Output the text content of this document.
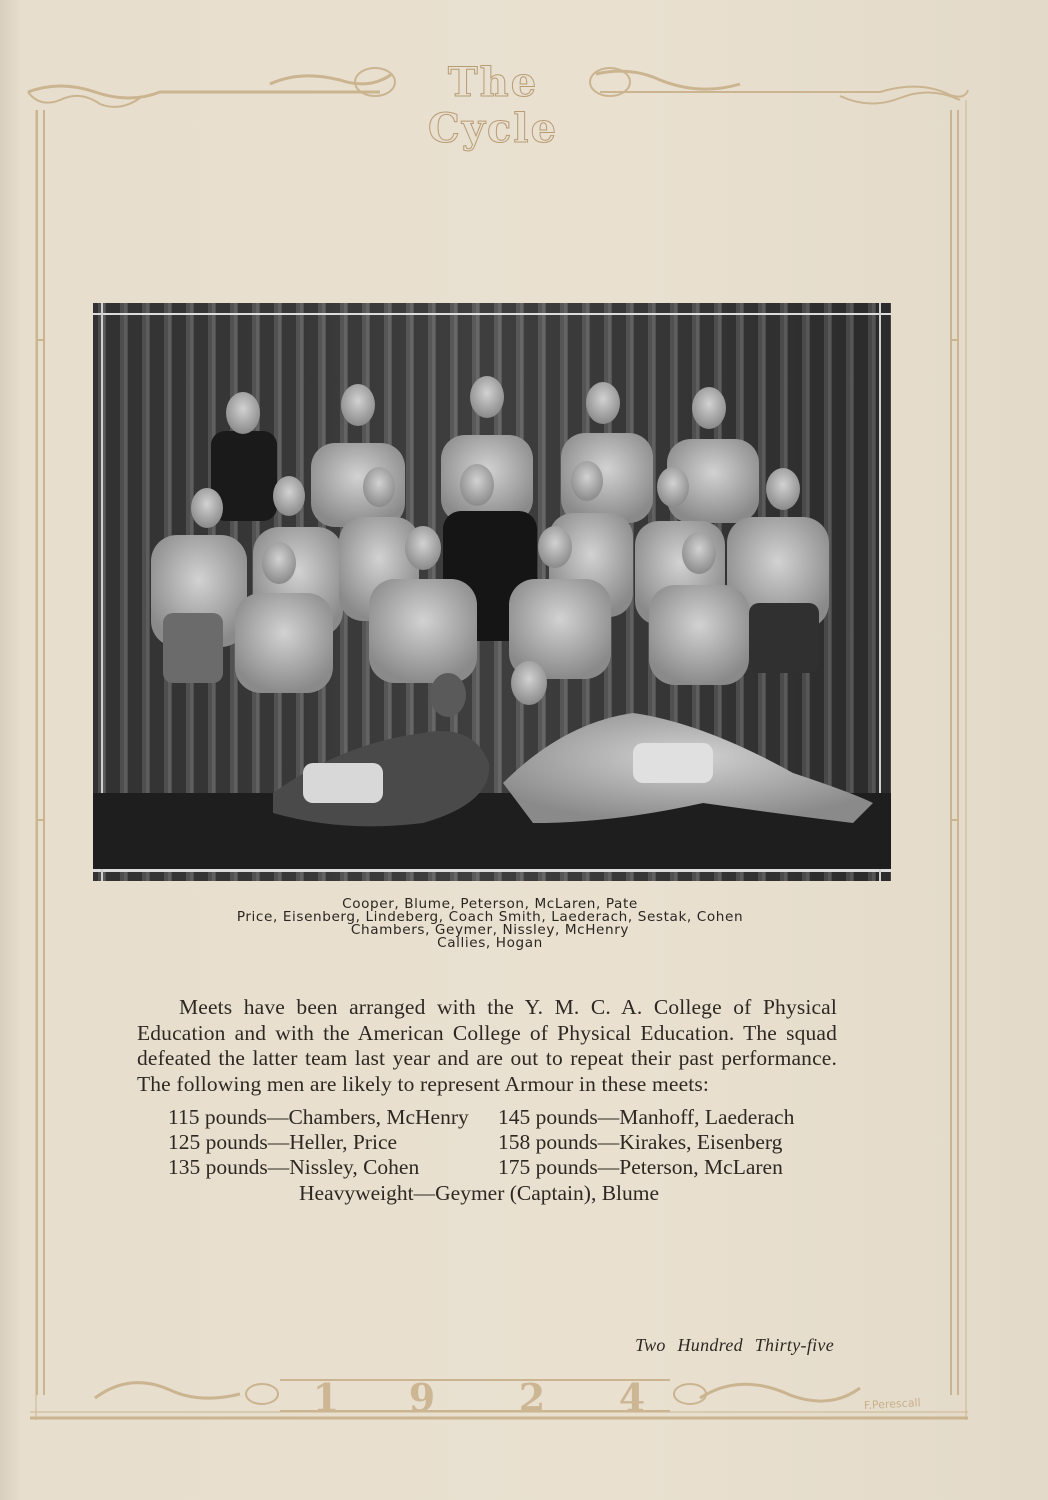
The Cycle
Cooper, Blume, Peterson, McLaren, Pate
Price, Eisenberg, Lindeberg, Coach Smith, Laederach, Sestak, Cohen
Chambers, Geymer, Nissley, McHenry
Callies, Hogan
Meets have been arranged with the Y. M. C. A. College of Physical Education and with the American College of Physical Education. The squad defeated the latter team last year and are out to repeat their past performance. The following men are likely to represent Armour in these meets:
115 pounds—Chambers, McHenry 145 pounds—Manhoff, Laederach
125 pounds—Heller, Price	158 pounds—Kirakes, Eisenberg
135 pounds—Nissley, Cohen	175 pounds—Peterson, McLaren
Heavyweight—Geymer (Captain), Blume
Two Hundred Thirty-five
1 9 2 4	F.Perescall
